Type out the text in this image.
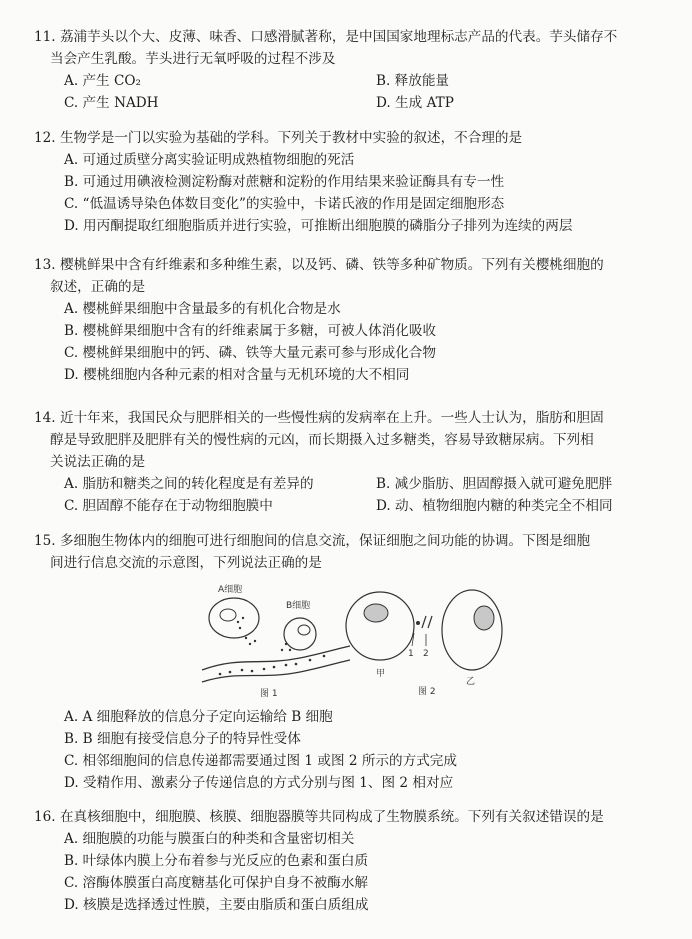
11. 荔浦芋头以个大、皮薄、味香、口感滑腻著称，是中国国家地理标志产品的代表。芋头储存不
当会产生乳酸。芋头进行无氧呼吸的过程不涉及
A. 产生 CO₂	B. 释放能量
C. 产生 NADH	D. 生成 ATP
12. 生物学是一门以实验为基础的学科。下列关于教材中实验的叙述，不合理的是
A. 可通过质壁分离实验证明成熟植物细胞的死活
B. 可通过用碘液检测淀粉酶对蔗糖和淀粉的作用结果来验证酶具有专一性
C. “低温诱导染色体数目变化”的实验中，卡诺氏液的作用是固定细胞形态
D. 用丙酮提取红细胞脂质并进行实验，可推断出细胞膜的磷脂分子排列为连续的两层
13. 樱桃鲜果中含有纤维素和多种维生素，以及钙、磷、铁等多种矿物质。下列有关樱桃细胞的
叙述，正确的是
A. 樱桃鲜果细胞中含量最多的有机化合物是水
B. 樱桃鲜果细胞中含有的纤维素属于多糖，可被人体消化吸收
C. 樱桃鲜果细胞中的钙、磷、铁等大量元素可参与形成化合物
D. 樱桃细胞内各种元素的相对含量与无机环境的大不相同
14. 近十年来，我国民众与肥胖相关的一些慢性病的发病率在上升。一些人士认为，脂肪和胆固
醇是导致肥胖及肥胖有关的慢性病的元凶，而长期摄入过多糖类，容易导致糖尿病。下列相
关说法正确的是
A. 脂肪和糖类之间的转化程度是有差异的	B. 减少脂肪、胆固醇摄入就可避免肥胖
C. 胆固醇不能存在于动物细胞膜中	D. 动、植物细胞内糖的种类完全不相同
15. 多细胞生物体内的细胞可进行细胞间的信息交流，保证细胞之间功能的协调。下图是细胞
间进行信息交流的示意图，下列说法正确的是
A细胞
B细胞
图 1
1 2
甲
乙
图 2
A. A 细胞释放的信息分子定向运输给 B 细胞
B. B 细胞有接受信息分子的特异性受体
C. 相邻细胞间的信息传递都需要通过图 1 或图 2 所示的方式完成
D. 受精作用、激素分子传递信息的方式分别与图 1、图 2 相对应
16. 在真核细胞中，细胞膜、核膜、细胞器膜等共同构成了生物膜系统。下列有关叙述错误的是
A. 细胞膜的功能与膜蛋白的种类和含量密切相关
B. 叶绿体内膜上分布着参与光反应的色素和蛋白质
C. 溶酶体膜蛋白高度糖基化可保护自身不被酶水解
D. 核膜是选择透过性膜，主要由脂质和蛋白质组成
